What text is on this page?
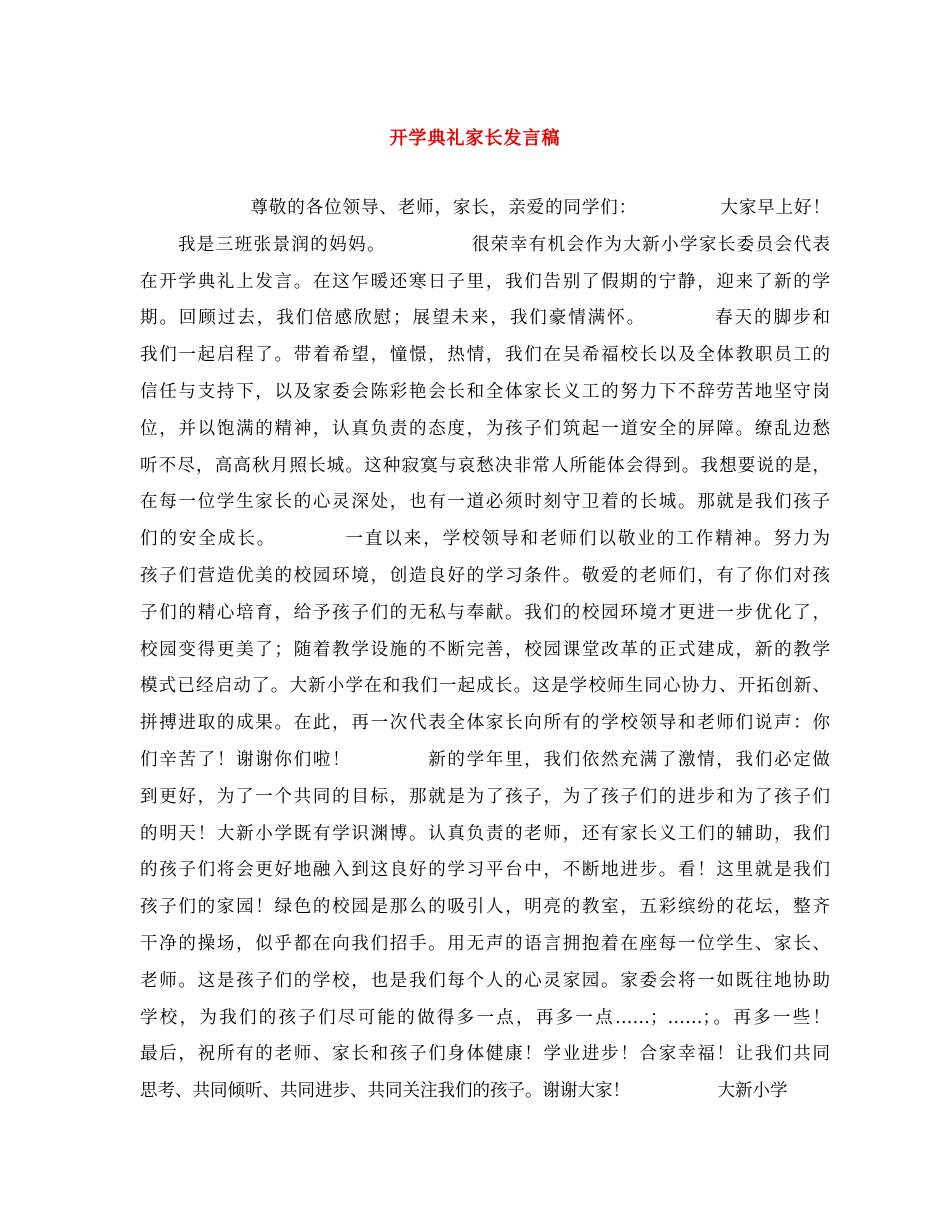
开学典礼家长发言稿
　　　　　　尊敬的各位领导、老师，家长，亲爱的同学们：　　　　　大家早上好！
　　我是三班张景润的妈妈。　　　　　很荣幸有机会作为大新小学家长委员会代表
在开学典礼上发言。在这乍暖还寒日子里，我们告别了假期的宁静，迎来了新的学
期。回顾过去，我们倍感欣慰；展望未来，我们豪情满怀。　　　　春天的脚步和
我们一起启程了。带着希望，憧憬，热情，我们在吴希福校长以及全体教职员工的
信任与支持下，以及家委会陈彩艳会长和全体家长义工的努力下不辞劳苦地坚守岗
位，并以饱满的精神，认真负责的态度，为孩子们筑起一道安全的屏障。缭乱边愁
听不尽，高高秋月照长城。这种寂寞与哀愁决非常人所能体会得到。我想要说的是，
在每一位学生家长的心灵深处，也有一道必须时刻守卫着的长城。那就是我们孩子
们的安全成长。　　　　一直以来，学校领导和老师们以敬业的工作精神。努力为
孩子们营造优美的校园环境，创造良好的学习条件。敬爱的老师们，有了你们对孩
子们的精心培育，给予孩子们的无私与奉献。我们的校园环境才更进一步优化了，
校园变得更美了；随着教学设施的不断完善，校园课堂改革的正式建成，新的教学
模式已经启动了。大新小学在和我们一起成长。这是学校师生同心协力、开拓创新、
拼搏进取的成果。在此，再一次代表全体家长向所有的学校领导和老师们说声：你
们辛苦了！谢谢你们啦！　　　　新的学年里，我们依然充满了激情，我们必定做
到更好，为了一个共同的目标，那就是为了孩子，为了孩子们的进步和为了孩子们
的明天！大新小学既有学识渊博。认真负责的老师，还有家长义工们的辅助，我们
的孩子们将会更好地融入到这良好的学习平台中，不断地进步。看！这里就是我们
孩子们的家园！绿色的校园是那么的吸引人，明亮的教室，五彩缤纷的花坛，整齐
干净的操场，似乎都在向我们招手。用无声的语言拥抱着在座每一位学生、家长、
老师。这是孩子们的学校，也是我们每个人的心灵家园。家委会将一如既往地协助
学校，为我们的孩子们尽可能的做得多一点，再多一点……；……；。再多一些！
最后，祝所有的老师、家长和孩子们身体健康！学业进步！合家幸福！让我们共同
思考、共同倾听、共同进步、共同关注我们的孩子。谢谢大家！　　　　　大新小学
